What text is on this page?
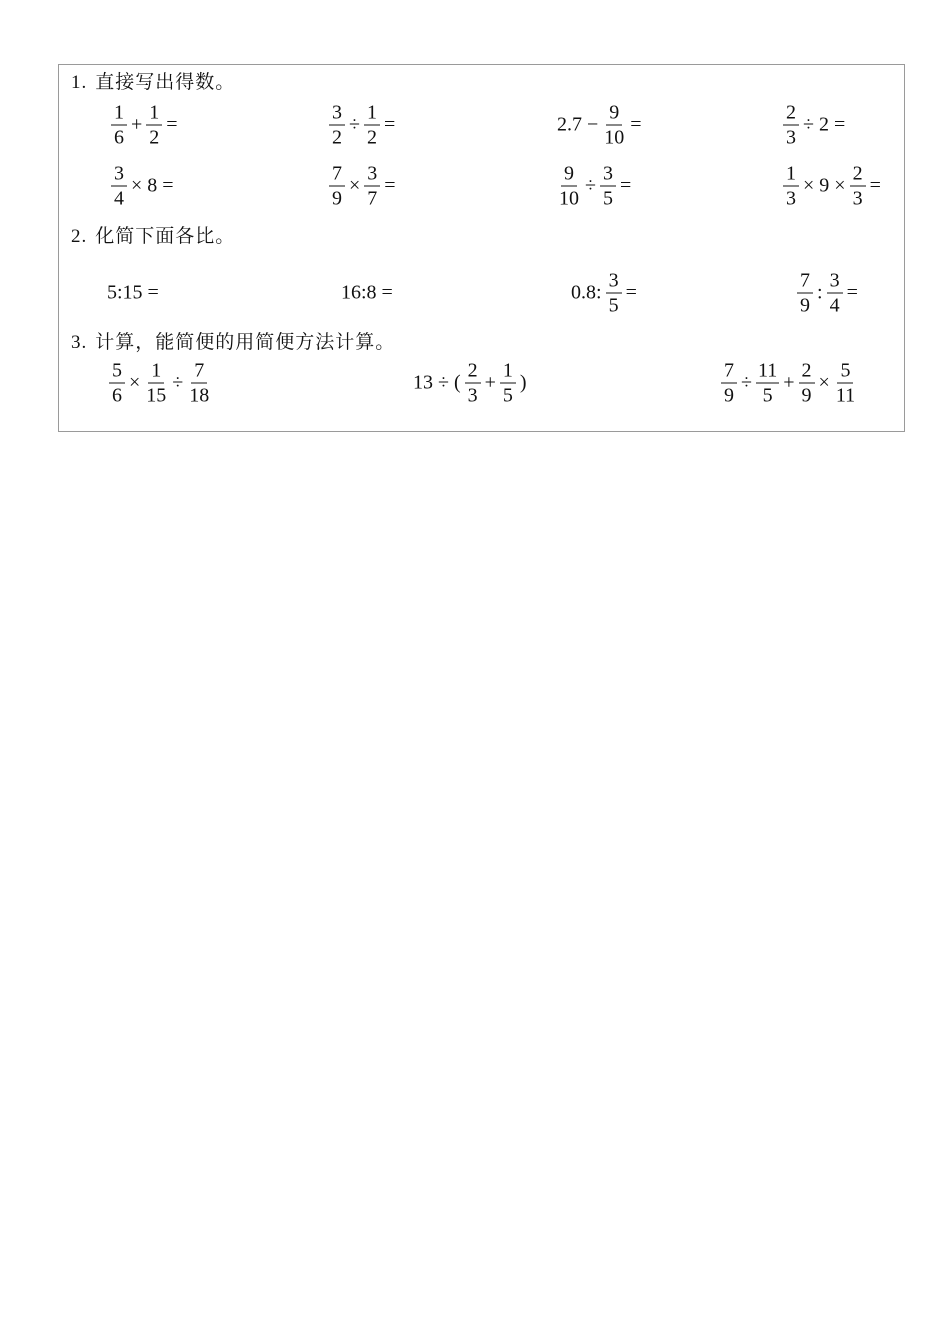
1. 直接写出得数。
$\frac{1}{6} + \frac{1}{2}$ =	$\frac{3}{2} \div \frac{1}{2}$ =	$2.7 - \frac{9}{10}$ =	$\frac{2}{3} \div 2$ =
$\frac{3}{4} \times 8$ =	$\frac{7}{9} \times \frac{3}{7}$ =	$\frac{9}{10} \div \frac{3}{5}$ =	$\frac{1}{3} \times 9 \times \frac{2}{3}$ =
2. 化简下面各比。
5:15 =	16:8 =	0.8: $\frac{3}{5}$ =	$\frac{7}{9}$ : $\frac{3}{4}$ =
3. 计算，能简便的用简便方法计算。
$\frac{5}{6} \times \frac{1}{15} \div \frac{7}{18}$	13 ÷ ( $\frac{2}{3} + \frac{1}{5}$ )	$\frac{7}{9} \div \frac{11}{5} + \frac{2}{9} \times \frac{5}{11}$
